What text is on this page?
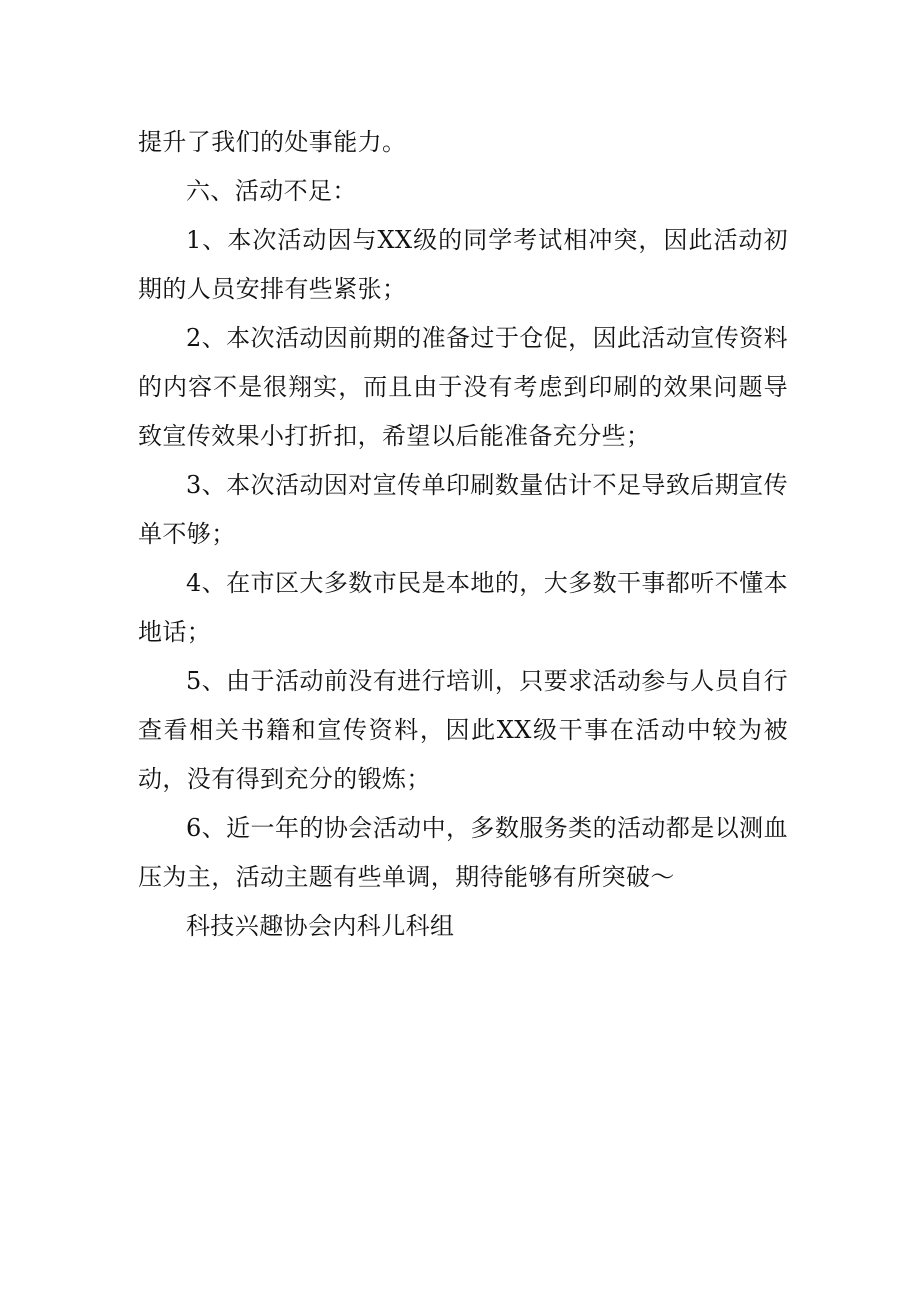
提升了我们的处事能力。

六、活动不足：

1、本次活动因与XX级的同学考试相冲突，因此活动初期的人员安排有些紧张；

2、本次活动因前期的准备过于仓促，因此活动宣传资料的内容不是很翔实，而且由于没有考虑到印刷的效果问题导致宣传效果小打折扣，希望以后能准备充分些；

3、本次活动因对宣传单印刷数量估计不足导致后期宣传单不够；

4、在市区大多数市民是本地的，大多数干事都听不懂本地话；

5、由于活动前没有进行培训，只要求活动参与人员自行查看相关书籍和宣传资料，因此XX级干事在活动中较为被动，没有得到充分的锻炼；

6、近一年的协会活动中，多数服务类的活动都是以测血压为主，活动主题有些单调，期待能够有所突破～

科技兴趣协会内科儿科组
